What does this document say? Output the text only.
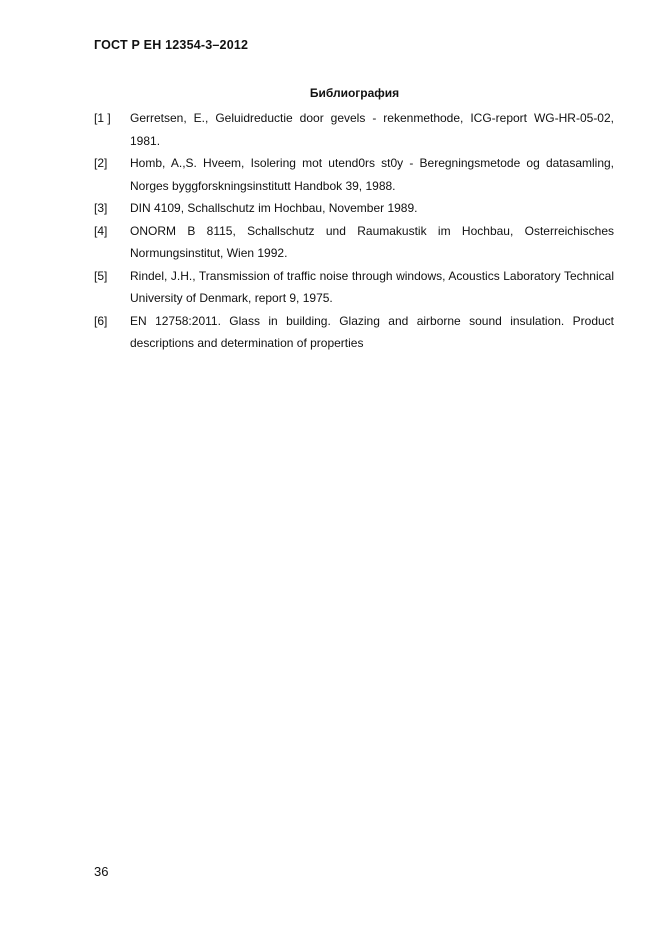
ГОСТ Р ЕН 12354-3–2012
Библиография
[1 ]	Gerretsen, E., Geluidreductie door gevels - rekenmethode, ICG-report WG-HR-05-02, 1981.
[2]	Homb, A.,S. Hveem, Isolering mot utend0rs st0y - Beregningsmetode og datasamling, Norges byggforskningsinstitutt Handbok 39, 1988.
[3]	DIN 4109, Schallschutz im Hochbau, November 1989.
[4]	ONORM B 8115, Schallschutz und Raumakustik im Hochbau, Osterreichisches Normungsinstitut, Wien 1992.
[5]	Rindel, J.H., Transmission of traffic noise through windows, Acoustics Laboratory Technical University of Denmark, report 9, 1975.
[6]	EN 12758:2011. Glass in building. Glazing and airborne sound insulation. Product descriptions and determination of properties
36
